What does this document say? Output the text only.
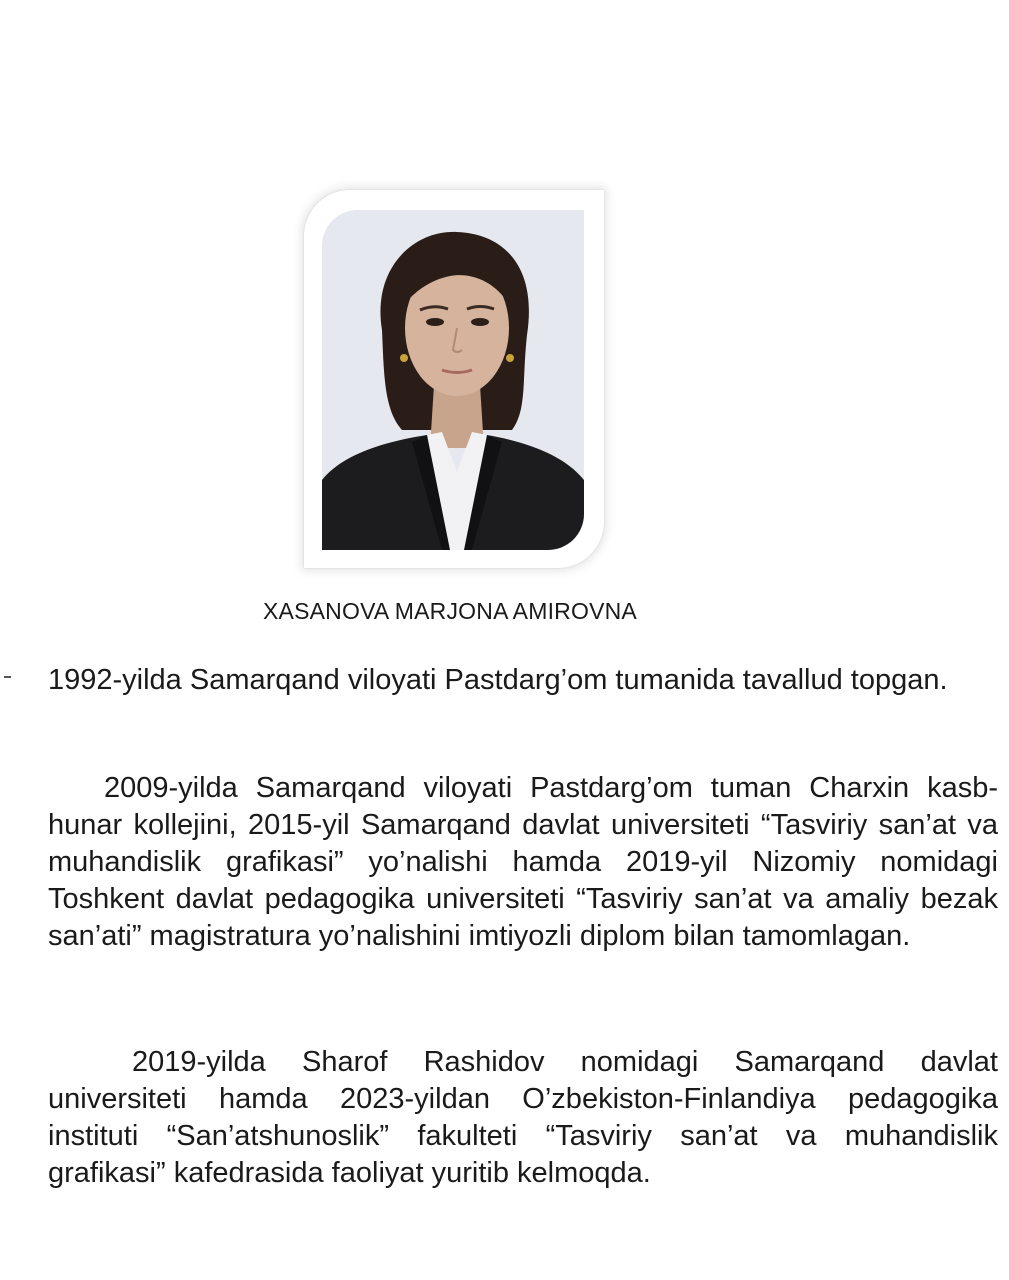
XASANOVA MARJONA AMIROVNA

1992-yilda Samarqand viloyati Pastdarg’om tumanida tavallud topgan.

2009-yilda Samarqand viloyati Pastdarg’om tuman Charxin kasb-hunar kollejini, 2015-yil Samarqand davlat universiteti “Tasviriy san’at va muhandislik grafikasi” yo’nalishi hamda 2019-yil Nizomiy nomidagi Toshkent davlat pedagogika universiteti “Tasviriy san’at va amaliy bezak san’ati” magistratura yo’nalishini imtiyozli diplom bilan tamomlagan.

2019-yilda Sharof Rashidov nomidagi Samarqand davlat universiteti hamda 2023-yildan O’zbekiston-Finlandiya pedagogika instituti “San’atshunoslik” fakulteti “Tasviriy san’at va muhandislik grafikasi” kafedrasida faoliyat yuritib kelmoqda.
